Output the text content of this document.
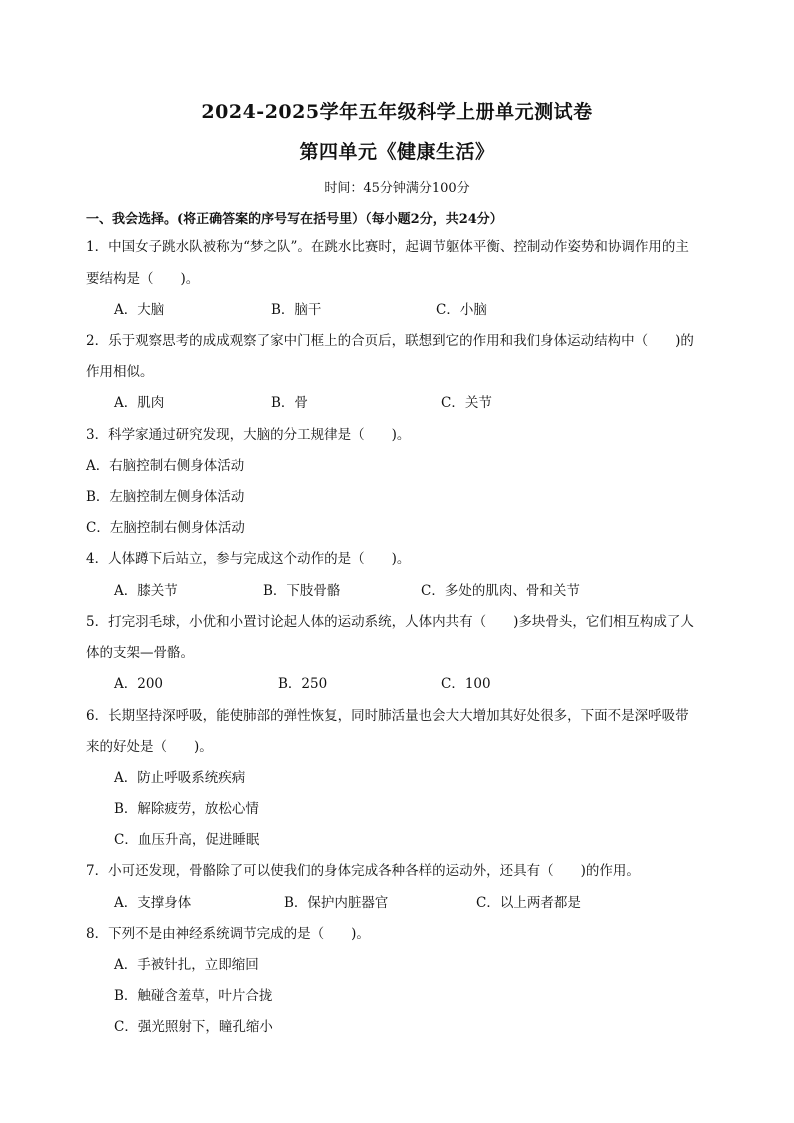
2024-2025学年五年级科学上册单元测试卷
第四单元《健康生活》
时间：45分钟满分100分
一、我会选择。(将正确答案的序号写在括号里）（每小题2分，共24分）
1．中国女子跳水队被称为“梦之队”。在跳水比赛时，起调节躯体平衡、控制动作姿势和协调作用的主
要结构是（　　)。
A．大脑	B．脑干	C．小脑
2．乐于观察思考的成成观察了家中门框上的合页后，联想到它的作用和我们身体运动结构中（　　)的
作用相似。
A．肌肉	B．骨	C．关节
3．科学家通过研究发现，大脑的分工规律是（　　)。
A．右脑控制右侧身体活动
B．左脑控制左侧身体活动
C．左脑控制右侧身体活动
4．人体蹲下后站立，参与完成这个动作的是（　　)。
A．膝关节	B．下肢骨骼	C．多处的肌肉、骨和关节
5．打完羽毛球，小优和小置讨论起人体的运动系统，人体内共有（　　)多块骨头，它们相互构成了人
体的支架—骨骼。
A．200	B．250	C．100
6．长期坚持深呼吸，能使肺部的弹性恢复，同时肺活量也会大大增加其好处很多，下面不是深呼吸带
来的好处是（　　)。
A．防止呼吸系统疾病
B．解除疲劳，放松心情
C．血压升高，促进睡眠
7．小可还发现，骨骼除了可以使我们的身体完成各种各样的运动外，还具有（　　)的作用。
A．支撑身体	B．保护内脏器官	C．以上两者都是
8．下列不是由神经系统调节完成的是（　　)。
A．手被针扎，立即缩回
B．触碰含羞草，叶片合拢
C．强光照射下，瞳孔缩小
